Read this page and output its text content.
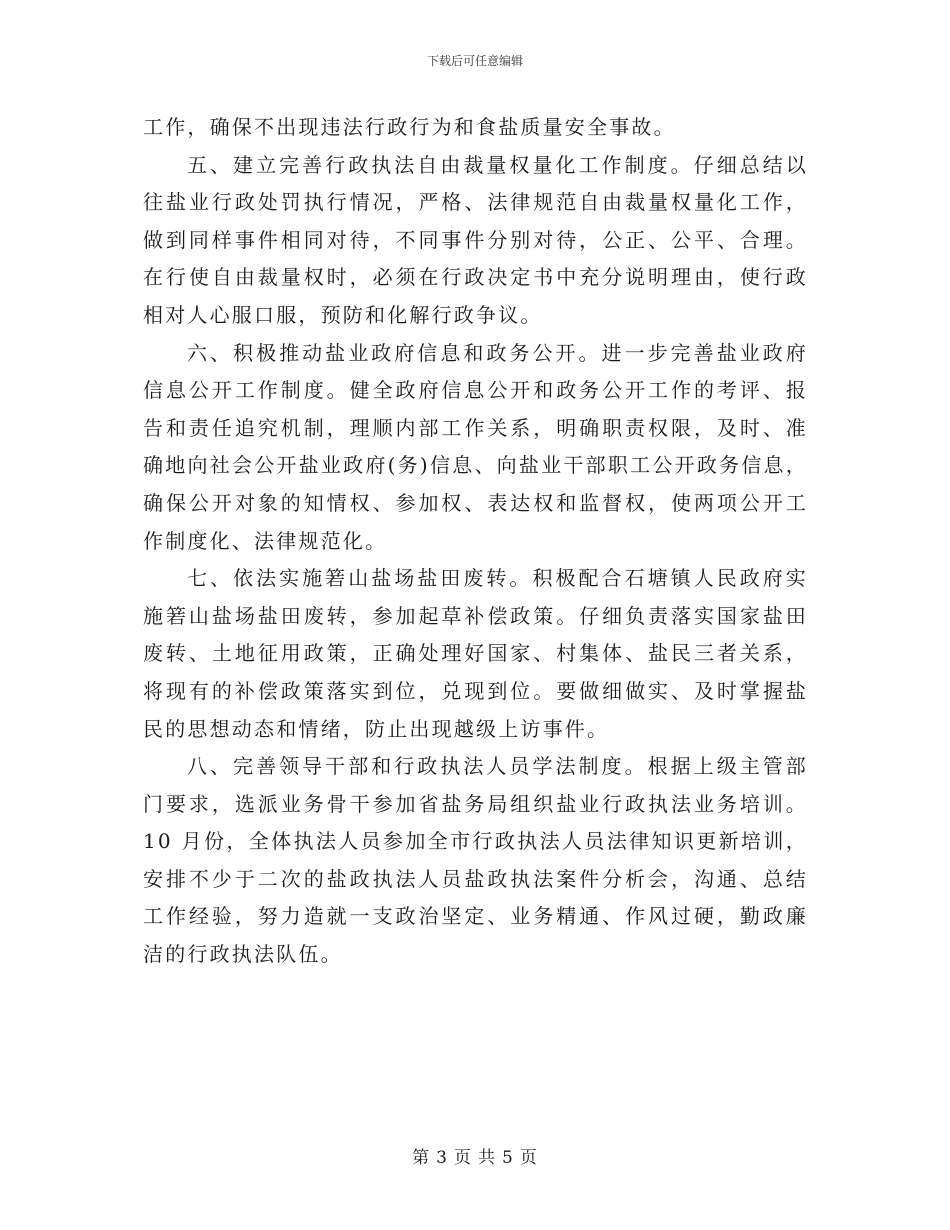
下载后可任意编辑

工作，确保不出现违法行政行为和食盐质量安全事故。

五、建立完善行政执法自由裁量权量化工作制度。仔细总结以往盐业行政处罚执行情况，严格、法律规范自由裁量权量化工作，做到同样事件相同对待，不同事件分别对待，公正、公平、合理。在行使自由裁量权时，必须在行政决定书中充分说明理由，使行政相对人心服口服，预防和化解行政争议。

六、积极推动盐业政府信息和政务公开。进一步完善盐业政府信息公开工作制度。健全政府信息公开和政务公开工作的考评、报告和责任追究机制，理顺内部工作关系，明确职责权限，及时、准确地向社会公开盐业政府(务)信息、向盐业干部职工公开政务信息，确保公开对象的知情权、参加权、表达权和监督权，使两项公开工作制度化、法律规范化。

七、依法实施箬山盐场盐田废转。积极配合石塘镇人民政府实施箬山盐场盐田废转，参加起草补偿政策。仔细负责落实国家盐田废转、土地征用政策，正确处理好国家、村集体、盐民三者关系，将现有的补偿政策落实到位，兑现到位。要做细做实、及时掌握盐民的思想动态和情绪，防止出现越级上访事件。

八、完善领导干部和行政执法人员学法制度。根据上级主管部门要求，选派业务骨干参加省盐务局组织盐业行政执法业务培训。10 月份，全体执法人员参加全市行政执法人员法律知识更新培训，安排不少于二次的盐政执法人员盐政执法案件分析会，沟通、总结工作经验，努力造就一支政治坚定、业务精通、作风过硬，勤政廉洁的行政执法队伍。

第 3 页 共 5 页
